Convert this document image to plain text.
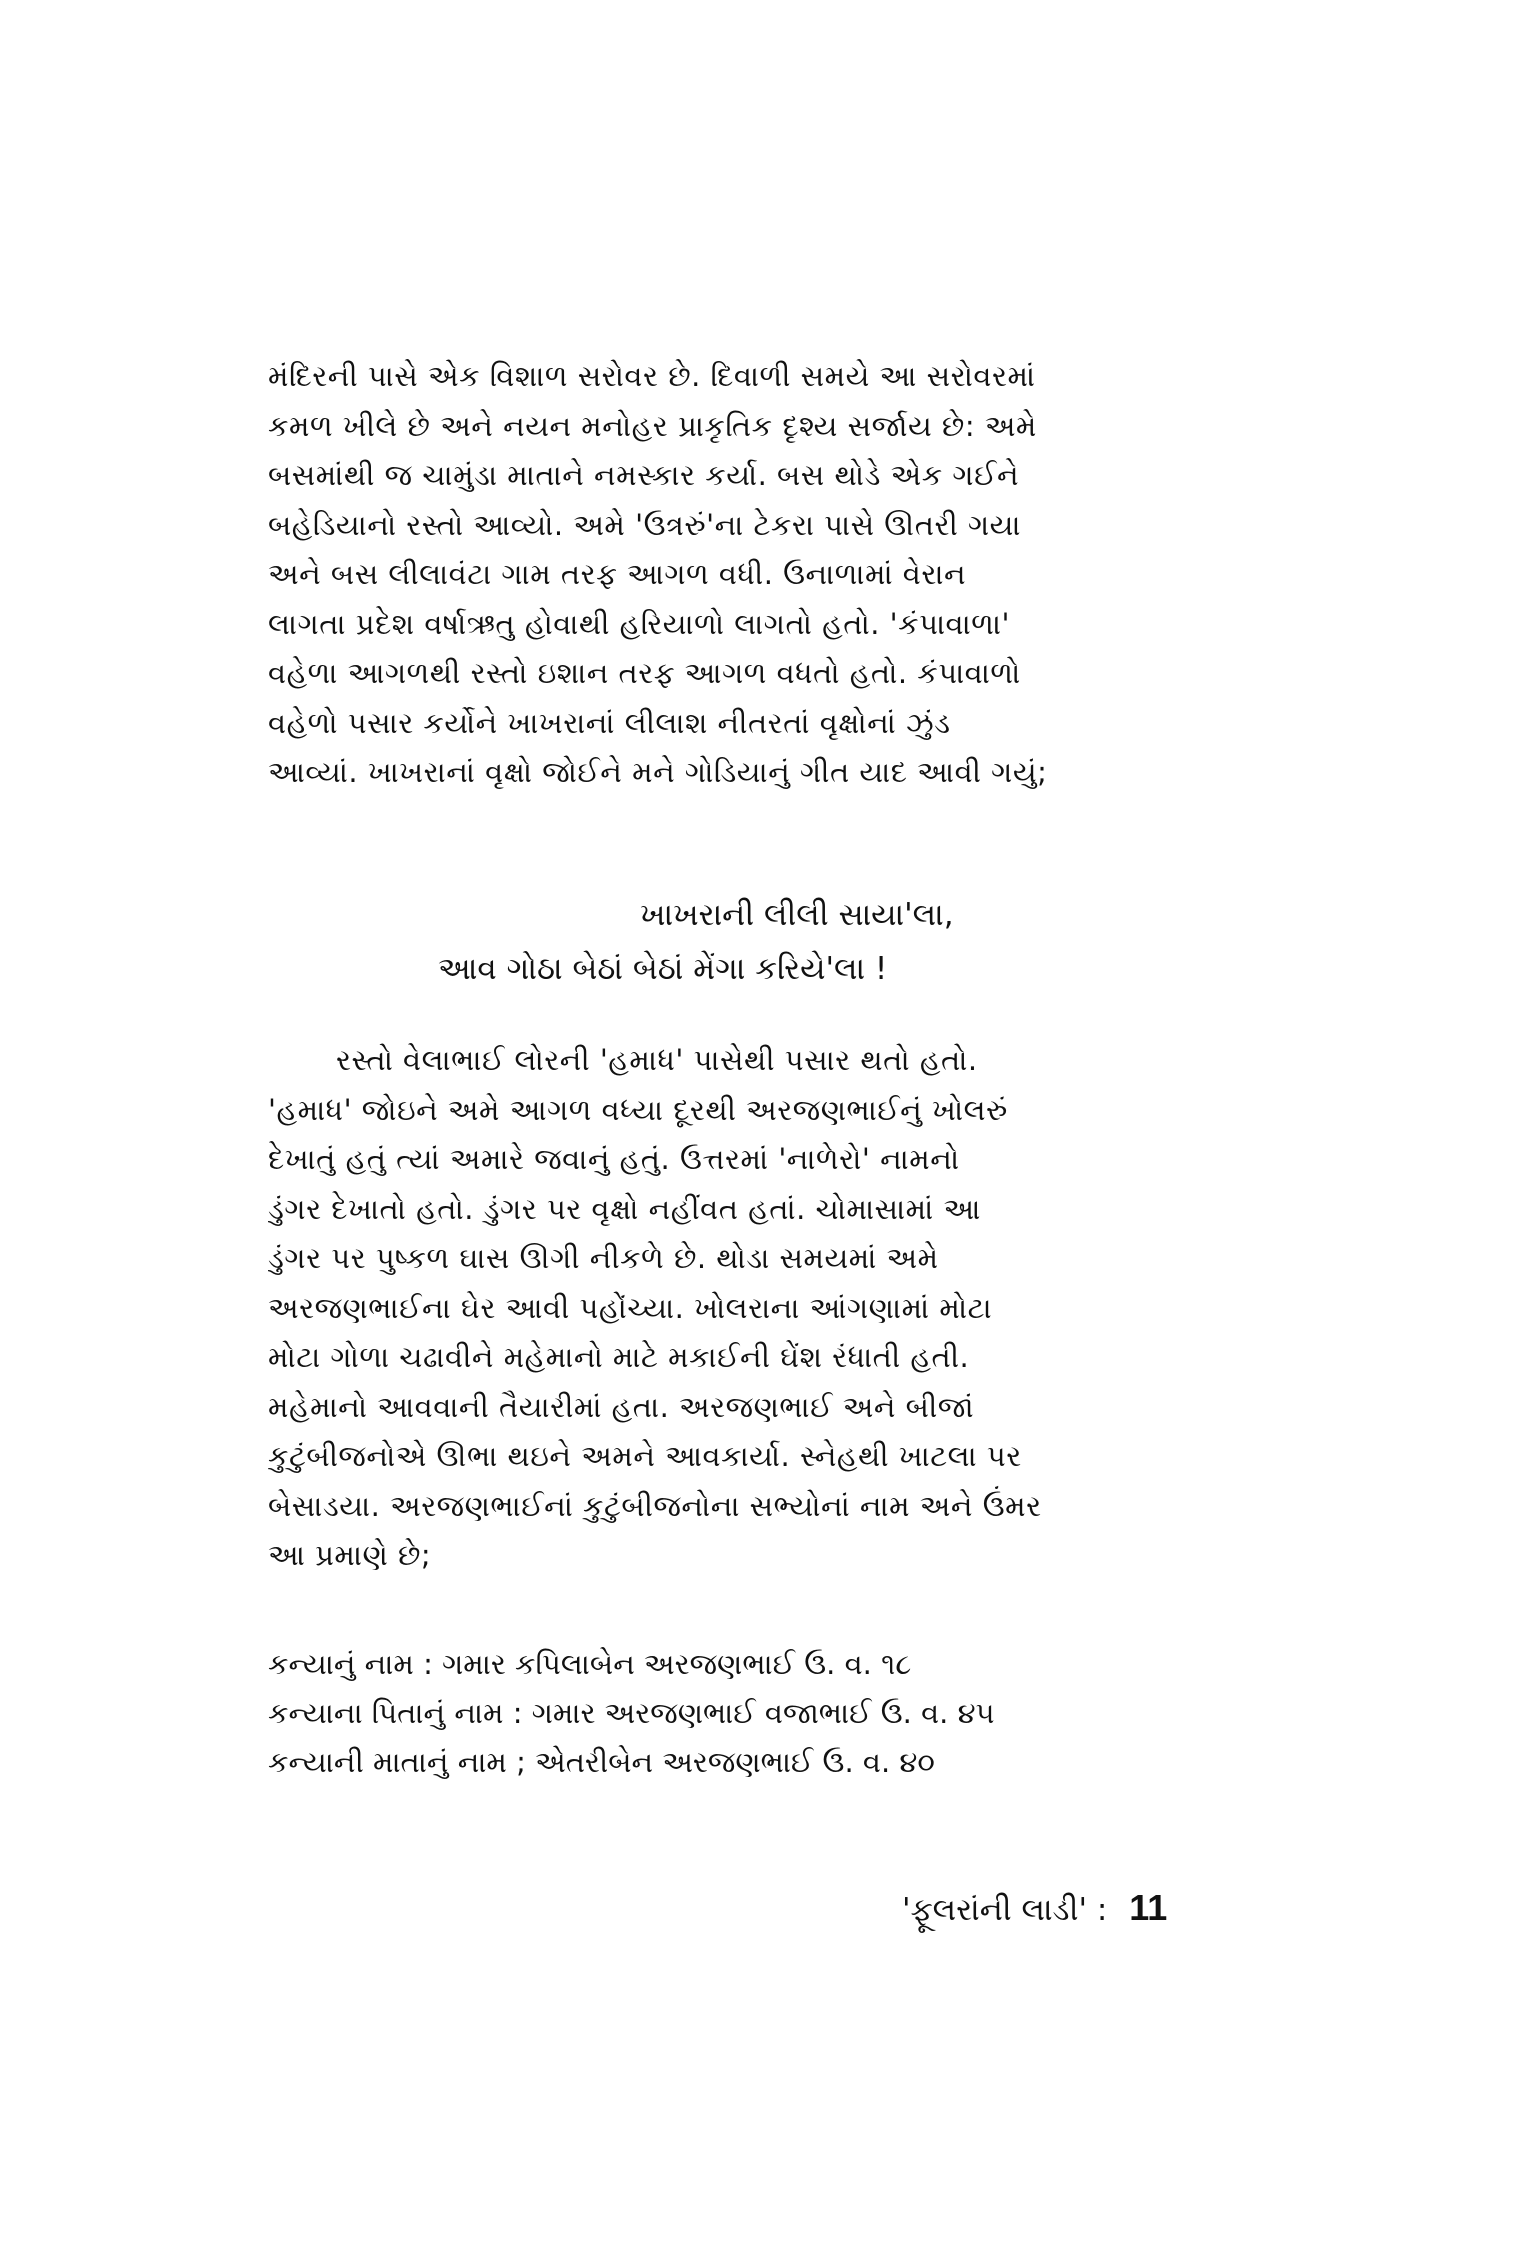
મંદિરની પાસે એક વિશાળ સરોવર છે. દિવાળી સમયે આ સરોવરમાં
કમળ ખીલે છે અને નયન મનોહર પ્રાકૃતિક દૃશ્ય સર્જાય છે: અમે
બસમાંથી જ ચામુંડા માતાને નમસ્કાર કર્યા. બસ થોડે એક ગઈને
બહેડિયાનો રસ્તો આવ્યો. અમે 'ઉત્રરું'ના ટેકરા પાસે ઊતરી ગયા
અને બસ લીલાવંટા ગામ તરફ આગળ વધી. ઉનાળામાં વેરાન
લાગતા પ્રદેશ વર્ષાઋતુ હોવાથી હરિયાળો લાગતો હતો. 'કંપાવાળા'
વહેળા આગળથી રસ્તો ઇશાન તરફ આગળ વધતો હતો. કંપાવાળો
વહેળો પસાર કર્યોને ખાખરાનાં લીલાશ નીતરતાં વૃક્ષોનાં ઝુંડ
આવ્યાં. ખાખરાનાં વૃક્ષો જોઈને મને ગોડિયાનું ગીત યાદ આવી ગયું;
ખાખરાની લીલી સાયા'લા,
આવ ગોઠા બેઠાં બેઠાં મેંગા કરિયે'લા !
રસ્તો વેલાભાઈ લોરની 'હમાધ' પાસેથી પસાર થતો હતો.
'હમાધ' જોઇને અમે આગળ વધ્યા દૂરથી અરજણભાઈનું ખોલરું
દેખાતું હતું ત્યાં અમારે જવાનું હતું. ઉત્તરમાં 'નાળેરો' નામનો
ડુંગર દેખાતો હતો. ડુંગર પર વૃક્ષો નહીંવત હતાં. ચોમાસામાં આ
ડુંગર પર પુષ્કળ ઘાસ ઊગી નીકળે છે. થોડા સમયમાં અમે
અરજણભાઈના ઘેર આવી પહોંચ્યા. ખોલરાના આંગણામાં મોટા
મોટા ગોળા ચઢાવીને મહેમાનો માટે મકાઈની ઘેંશ રંધાતી હતી.
મહેમાનો આવવાની તૈયારીમાં હતા. અરજણભાઈ અને બીજાં
કુટુંબીજનોએ ઊભા થઇને અમને આવકાર્યા. સ્નેહથી ખાટલા પર
બેસાડયા. અરજણભાઈનાં કુટુંબીજનોના સભ્યોનાં નામ અને ઉંમર
આ પ્રમાણે છે;
કન્યાનું નામ : ગમાર કપિલાબેન અરજણભાઈ ઉ. વ. ૧૮
કન્યાના પિતાનું નામ : ગમાર અરજણભાઈ વજાભાઈ ઉ. વ. ૪૫
કન્યાની માતાનું નામ ; એતરીબેન અરજણભાઈ ઉ. વ. ૪૦
'ફૂલરાંની લાડી' : 11
